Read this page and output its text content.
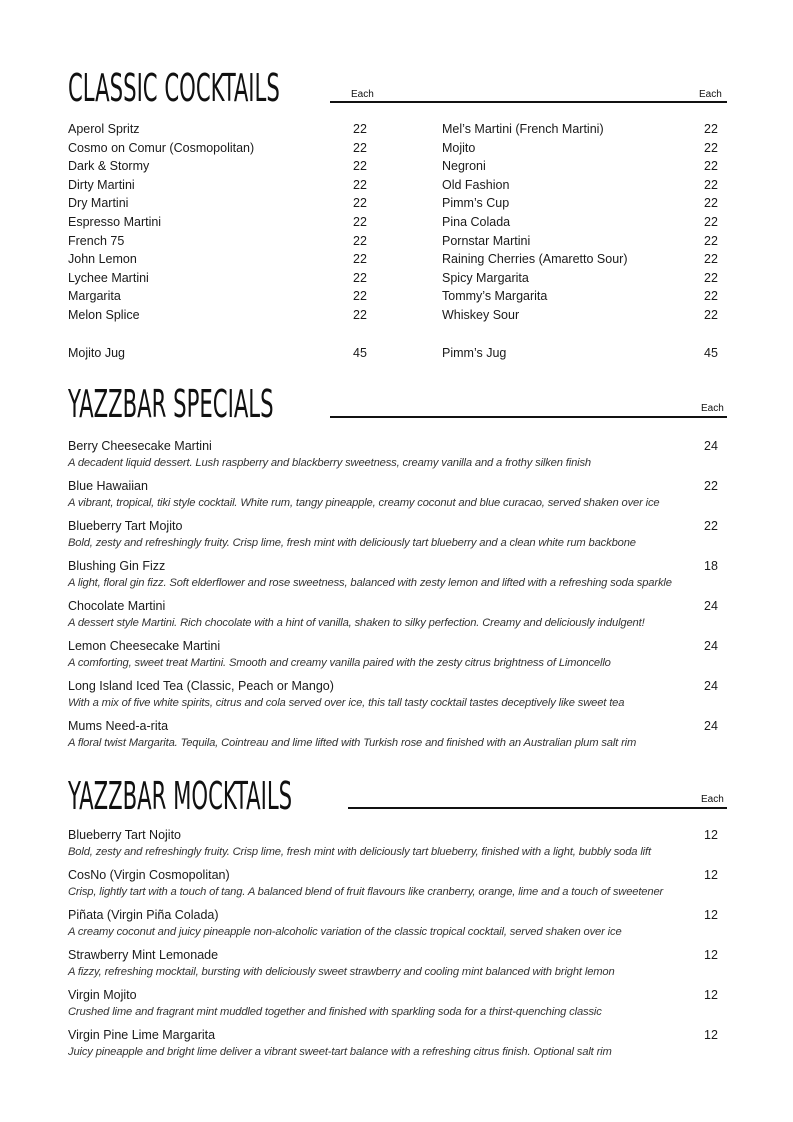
CLASSIC COCKTAILS	Each	Each
Aperol Spritz	22
Cosmo on Comur (Cosmopolitan)	22
Dark & Stormy	22
Dirty Martini	22
Dry Martini	22
Espresso Martini	22
French 75	22
John Lemon	22
Lychee Martini	22
Margarita	22
Melon Splice	22
Mel’s Martini (French Martini)	22
Mojito	22
Negroni	22
Old Fashion	22
Pimm’s Cup	22
Pina Colada	22
Pornstar Martini	22
Raining Cherries (Amaretto Sour)	22
Spicy Margarita	22
Tommy’s Margarita	22
Whiskey Sour	22
Mojito Jug	45	Pimm’s Jug	45
YAZZBAR SPECIALS	Each
Berry Cheesecake Martini	24
A decadent liquid dessert. Lush raspberry and blackberry sweetness, creamy vanilla and a frothy silken finish
Blue Hawaiian	22
A vibrant, tropical, tiki style cocktail. White rum, tangy pineapple, creamy coconut and blue curacao, served shaken over ice
Blueberry Tart Mojito	22
Bold, zesty and refreshingly fruity. Crisp lime, fresh mint with deliciously tart blueberry and a clean white rum backbone
Blushing Gin Fizz	18
A light, floral gin fizz. Soft elderflower and rose sweetness, balanced with zesty lemon and lifted with a refreshing soda sparkle
Chocolate Martini	24
A dessert style Martini. Rich chocolate with a hint of vanilla, shaken to silky perfection. Creamy and deliciously indulgent!
Lemon Cheesecake Martini	24
A comforting, sweet treat Martini. Smooth and creamy vanilla paired with the zesty citrus brightness of Limoncello
Long Island Iced Tea (Classic, Peach or Mango)	24
With a mix of five white spirits, citrus and cola served over ice, this tall tasty cocktail tastes deceptively like sweet tea
Mums Need-a-rita	24
A floral twist Margarita. Tequila, Cointreau and lime lifted with Turkish rose and finished with an Australian plum salt rim
YAZZBAR MOCKTAILS	Each
Blueberry Tart Nojito	12
Bold, zesty and refreshingly fruity. Crisp lime, fresh mint with deliciously tart blueberry, finished with a light, bubbly soda lift
CosNo (Virgin Cosmopolitan)	12
Crisp, lightly tart with a touch of tang. A balanced blend of fruit flavours like cranberry, orange, lime and a touch of sweetener
Piñata (Virgin Piña Colada)	12
A creamy coconut and juicy pineapple non-alcoholic variation of the classic tropical cocktail, served shaken over ice
Strawberry Mint Lemonade	12
A fizzy, refreshing mocktail, bursting with deliciously sweet strawberry and cooling mint balanced with bright lemon
Virgin Mojito	12
Crushed lime and fragrant mint muddled together and finished with sparkling soda for a thirst-quenching classic
Virgin Pine Lime Margarita	12
Juicy pineapple and bright lime deliver a vibrant sweet-tart balance with a refreshing citrus finish. Optional salt rim
